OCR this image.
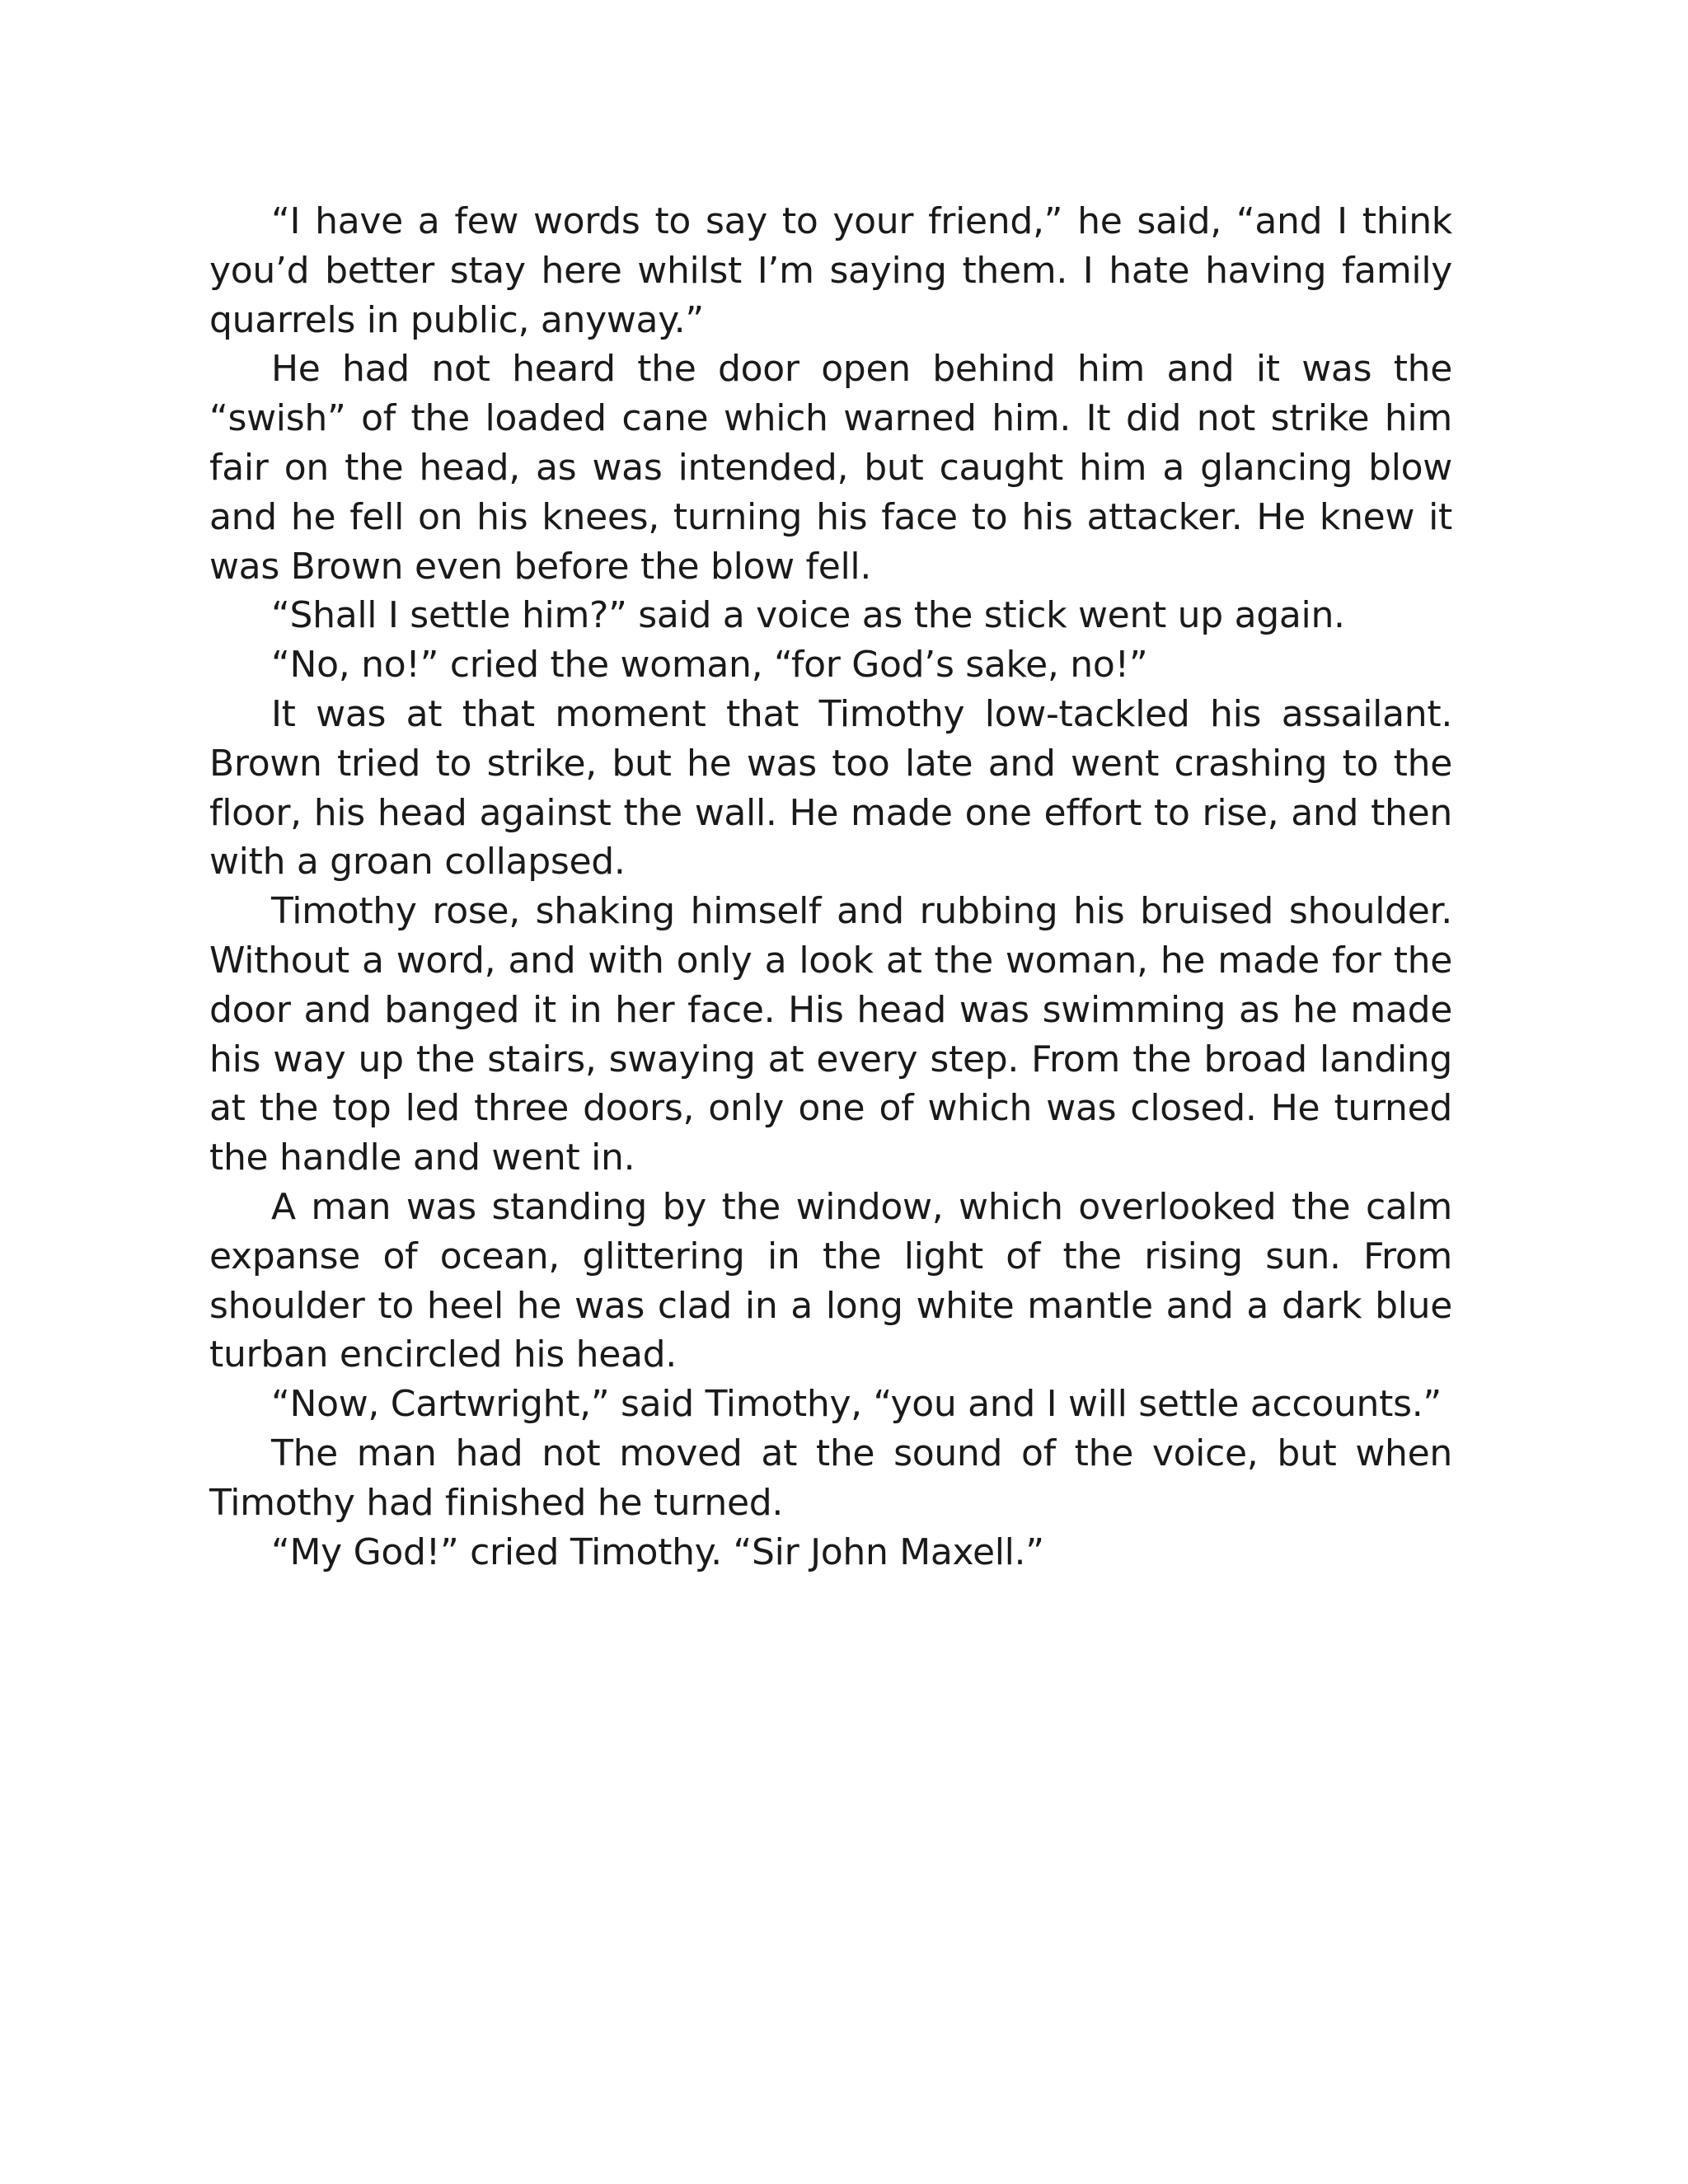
“I have a few words to say to your friend,” he said, “and I think you’d better stay here whilst I’m saying them. I hate having family quarrels in public, anyway.”

He had not heard the door open behind him and it was the “swish” of the loaded cane which warned him. It did not strike him fair on the head, as was intended, but caught him a glancing blow and he fell on his knees, turning his face to his attacker. He knew it was Brown even before the blow fell.

“Shall I settle him?” said a voice as the stick went up again.

“No, no!” cried the woman, “for God’s sake, no!”

It was at that moment that Timothy low-tackled his assailant. Brown tried to strike, but he was too late and went crashing to the floor, his head against the wall. He made one effort to rise, and then with a groan collapsed.

Timothy rose, shaking himself and rubbing his bruised shoulder. Without a word, and with only a look at the woman, he made for the door and banged it in her face. His head was swimming as he made his way up the stairs, swaying at every step. From the broad landing at the top led three doors, only one of which was closed. He turned the handle and went in.

A man was standing by the window, which overlooked the calm expanse of ocean, glittering in the light of the rising sun. From shoulder to heel he was clad in a long white mantle and a dark blue turban encircled his head.

“Now, Cartwright,” said Timothy, “you and I will settle accounts.”

The man had not moved at the sound of the voice, but when Timothy had finished he turned.

“My God!” cried Timothy. “Sir John Maxell.”
